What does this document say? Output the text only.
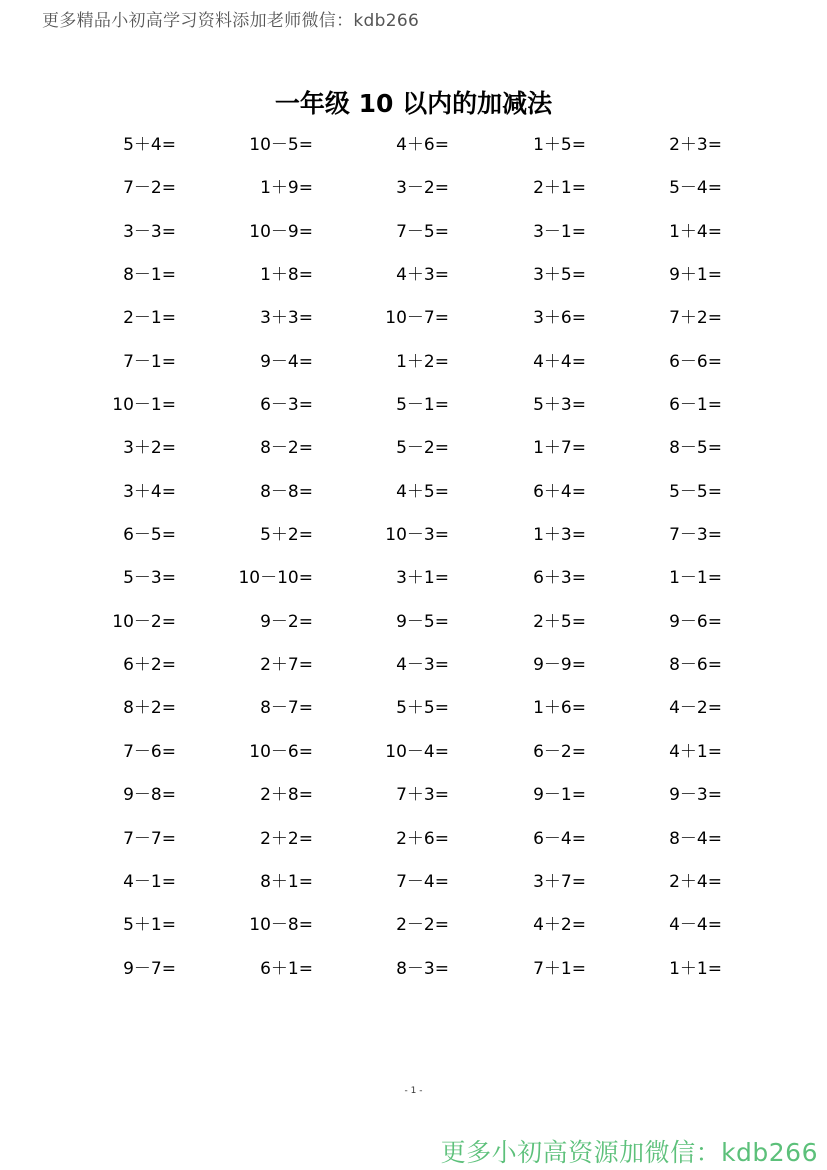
更多精品小初高学习资料添加老师微信：kdb266
一年级 10 以内的加减法
5＋4=	10－5=	4＋6=	1＋5=	2＋3=
7－2=	1＋9=	3－2=	2＋1=	5－4=
3－3=	10－9=	7－5=	3－1=	1＋4=
8－1=	1＋8=	4＋3=	3＋5=	9＋1=
2－1=	3＋3=	10－7=	3＋6=	7＋2=
7－1=	9－4=	1＋2=	4＋4=	6－6=
10－1=	6－3=	5－1=	5＋3=	6－1=
3＋2=	8－2=	5－2=	1＋7=	8－5=
3＋4=	8－8=	4＋5=	6＋4=	5－5=
6－5=	5＋2=	10－3=	1＋3=	7－3=
5－3=	10－10=	3＋1=	6＋3=	1－1=
10－2=	9－2=	9－5=	2＋5=	9－6=
6＋2=	2＋7=	4－3=	9－9=	8－6=
8＋2=	8－7=	5＋5=	1＋6=	4－2=
7－6=	10－6=	10－4=	6－2=	4＋1=
9－8=	2＋8=	7＋3=	9－1=	9－3=
7－7=	2＋2=	2＋6=	6－4=	8－4=
4－1=	8＋1=	7－4=	3＋7=	2＋4=
5＋1=	10－8=	2－2=	4＋2=	4－4=
9－7=	6＋1=	8－3=	7＋1=	1＋1=
- 1 -
更多小初高资源加微信：kdb266
